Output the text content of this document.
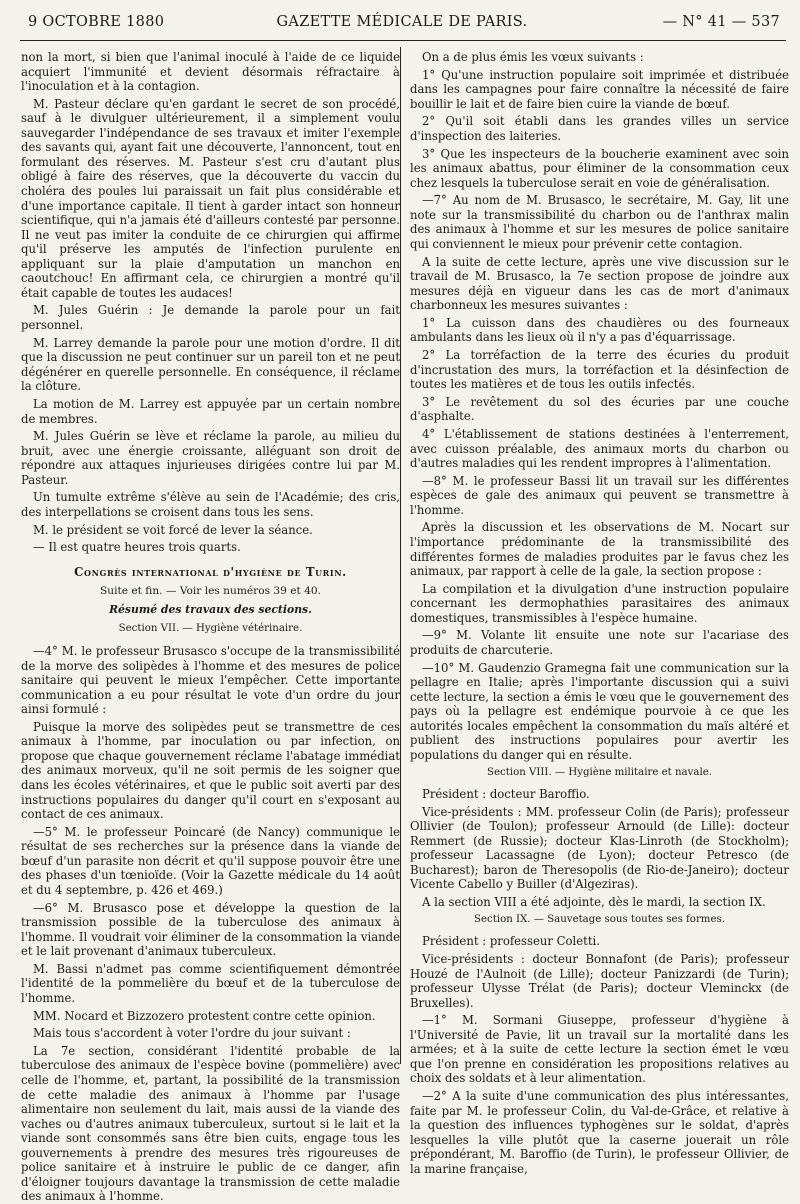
9 OCTOBRE 1880	GAZETTE MÉDICALE DE PARIS.	— N° 41 — 537

non la mort, si bien que l'animal inoculé à l'aide de ce liquide acquiert l'immunité et devient désormais réfractaire à l'inoculation et à la contagion.

M. Pasteur déclare qu'en gardant le secret de son procédé, sauf à le divulguer ultérieurement, il a simplement voulu sauvegarder l'indépendance de ses travaux et imiter l'exemple des savants qui, ayant fait une découverte, l'annoncent, tout en formulant des réserves. M. Pasteur s'est cru d'autant plus obligé à faire des réserves, que la découverte du vaccin du choléra des poules lui paraissait un fait plus considérable et d'une importance capitale. Il tient à garder intact son honneur scientifique, qui n'a jamais été d'ailleurs contesté par personne. Il ne veut pas imiter la conduite de ce chirurgien qui affirme qu'il préserve les amputés de l'infection purulente en appliquant sur la plaie d'amputation un manchon en caoutchouc! En affirmant cela, ce chirurgien a montré qu'il était capable de toutes les audaces!

M. Jules Guérin : Je demande la parole pour un fait personnel.

M. Larrey demande la parole pour une motion d'ordre. Il dit que la discussion ne peut continuer sur un pareil ton et ne peut dégénérer en querelle personnelle. En conséquence, il réclame la clôture.

La motion de M. Larrey est appuyée par un certain nombre de membres.

M. Jules Guérin se lève et réclame la parole, au milieu du bruit, avec une énergie croissante, alléguant son droit de répondre aux attaques injurieuses dirigées contre lui par M. Pasteur.

Un tumulte extrême s'élève au sein de l'Académie; des cris, des interpellations se croisent dans tous les sens.

M. le président se voit forcé de lever la séance.

— Il est quatre heures trois quarts.

Congrès international d'hygiène de Turin.
Suite et fin. — Voir les numéros 39 et 40.
Résumé des travaux des sections.
Section VII. — Hygiène vétérinaire.

—4° M. le professeur Brusasco s'occupe de la transmissibilité de la morve des solipèdes à l'homme et des mesures de police sanitaire qui peuvent le mieux l'empêcher. Cette importante communication a eu pour résultat le vote d'un ordre du jour ainsi formulé :

Puisque la morve des solipèdes peut se transmettre de ces animaux à l'homme, par inoculation ou par infection, on propose que chaque gouvernement réclame l'abatage immédiat des animaux morveux, qu'il ne soit permis de les soigner que dans les écoles vétérinaires, et que le public soit averti par des instructions populaires du danger qu'il court en s'exposant au contact de ces animaux.

—5° M. le professeur Poincaré (de Nancy) communique le résultat de ses recherches sur la présence dans la viande de bœuf d'un parasite non décrit et qu'il suppose pouvoir être une des phases d'un tœnioïde. (Voir la Gazette médicale du 14 août et du 4 septembre, p. 426 et 469.)

—6° M. Brusasco pose et développe la question de la transmission possible de la tuberculose des animaux à l'homme. Il voudrait voir éliminer de la consommation la viande et le lait provenant d'animaux tuberculeux.

M. Bassi n'admet pas comme scientifiquement démontrée l'identité de la pommelière du bœuf et de la tuberculose de l'homme.

MM. Nocard et Bizzozero protestent contre cette opinion.

Mais tous s'accordent à voter l'ordre du jour suivant :

La 7e section, considérant l'identité probable de la tuberculose des animaux de l'espèce bovine (pommelière) avec celle de l'homme, et, partant, la possibilité de la transmission de cette maladie des animaux à l'homme par l'usage alimentaire non seulement du lait, mais aussi de la viande des vaches ou d'autres animaux tuberculeux, surtout si le lait et la viande sont consommés sans être bien cuits, engage tous les gouvernements à prendre des mesures très rigoureuses de police sanitaire et à instruire le public de ce danger, afin d'éloigner toujours davantage la transmission de cette maladie des animaux à l'homme.

On a de plus émis les vœux suivants :

1° Qu'une instruction populaire soit imprimée et distribuée dans les campagnes pour faire connaître la nécessité de faire bouillir le lait et de faire bien cuire la viande de bœuf.

2° Qu'il soit établi dans les grandes villes un service d'inspection des laiteries.

3° Que les inspecteurs de la boucherie examinent avec soin les animaux abattus, pour éliminer de la consommation ceux chez lesquels la tuberculose serait en voie de généralisation.

—7° Au nom de M. Brusasco, le secrétaire, M. Gay, lit une note sur la transmissibilité du charbon ou de l'anthrax malin des animaux à l'homme et sur les mesures de police sanitaire qui conviennent le mieux pour prévenir cette contagion.

A la suite de cette lecture, après une vive discussion sur le travail de M. Brusasco, la 7e section propose de joindre aux mesures déjà en vigueur dans les cas de mort d'animaux charbonneux les mesures suivantes :

1° La cuisson dans des chaudières ou des fourneaux ambulants dans les lieux où il n'y a pas d'équarrissage.

2° La torréfaction de la terre des écuries du produit d'incrustation des murs, la torréfaction et la désinfection de toutes les matières et de tous les outils infectés.

3° Le revêtement du sol des écuries par une couche d'asphalte.

4° L'établissement de stations destinées à l'enterrement, avec cuisson préalable, des animaux morts du charbon ou d'autres maladies qui les rendent impropres à l'alimentation.

—8° M. le professeur Bassi lit un travail sur les différentes espèces de gale des animaux qui peuvent se transmettre à l'homme.

Après la discussion et les observations de M. Nocart sur l'importance prédominante de la transmissibilité des différentes formes de maladies produites par le favus chez les animaux, par rapport à celle de la gale, la section propose :

La compilation et la divulgation d'une instruction populaire concernant les dermophathies parasitaires des animaux domestiques, transmissibles à l'espèce humaine.

—9° M. Volante lit ensuite une note sur l'acariase des produits de charcuterie.

—10° M. Gaudenzio Gramegna fait une communication sur la pellagre en Italie; après l'importante discussion qui a suivi cette lecture, la section a émis le vœu que le gouvernement des pays où la pellagre est endémique pourvoie à ce que les autorités locales empêchent la consommation du maïs altéré et publient des instructions populaires pour avertir les populations du danger qui en résulte.

Section VIII. — Hygiène militaire et navale.

Président : docteur Baroffio.

Vice-présidents : MM. professeur Colin (de Paris); professeur Ollivier (de Toulon); professeur Arnould (de Lille): docteur Remmert (de Russie); docteur Klas-Linroth (de Stockholm); professeur Lacassagne (de Lyon); docteur Petresco (de Bucharest); baron de Theresopolis (de Rio-de-Janeiro); docteur Vicente Cabello y Builler (d'Algeziras).

A la section VIII a été adjointe, dès le mardi, la section IX.

Section IX. — Sauvetage sous toutes ses formes.

Président : professeur Coletti.

Vice-présidents : docteur Bonnafont (de Paris); professeur Houzé de l'Aulnoit (de Lille); docteur Panizzardi (de Turin); professeur Ulysse Trélat (de Paris); docteur Vleminckx (de Bruxelles).

—1° M. Sormani Giuseppe, professeur d'hygiène à l'Université de Pavie, lit un travail sur la mortalité dans les armées; et à la suite de cette lecture la section émet le vœu que l'on prenne en considération les propositions relatives au choix des soldats et à leur alimentation.

—2° A la suite d'une communication des plus intéressantes, faite par M. le professeur Colin, du Val-de-Grâce, et relative à la question des influences typhogènes sur le soldat, d'après lesquelles la ville plutôt que la caserne jouerait un rôle prépondérant, M. Baroffio (de Turin), le professeur Ollivier, de la marine française,
